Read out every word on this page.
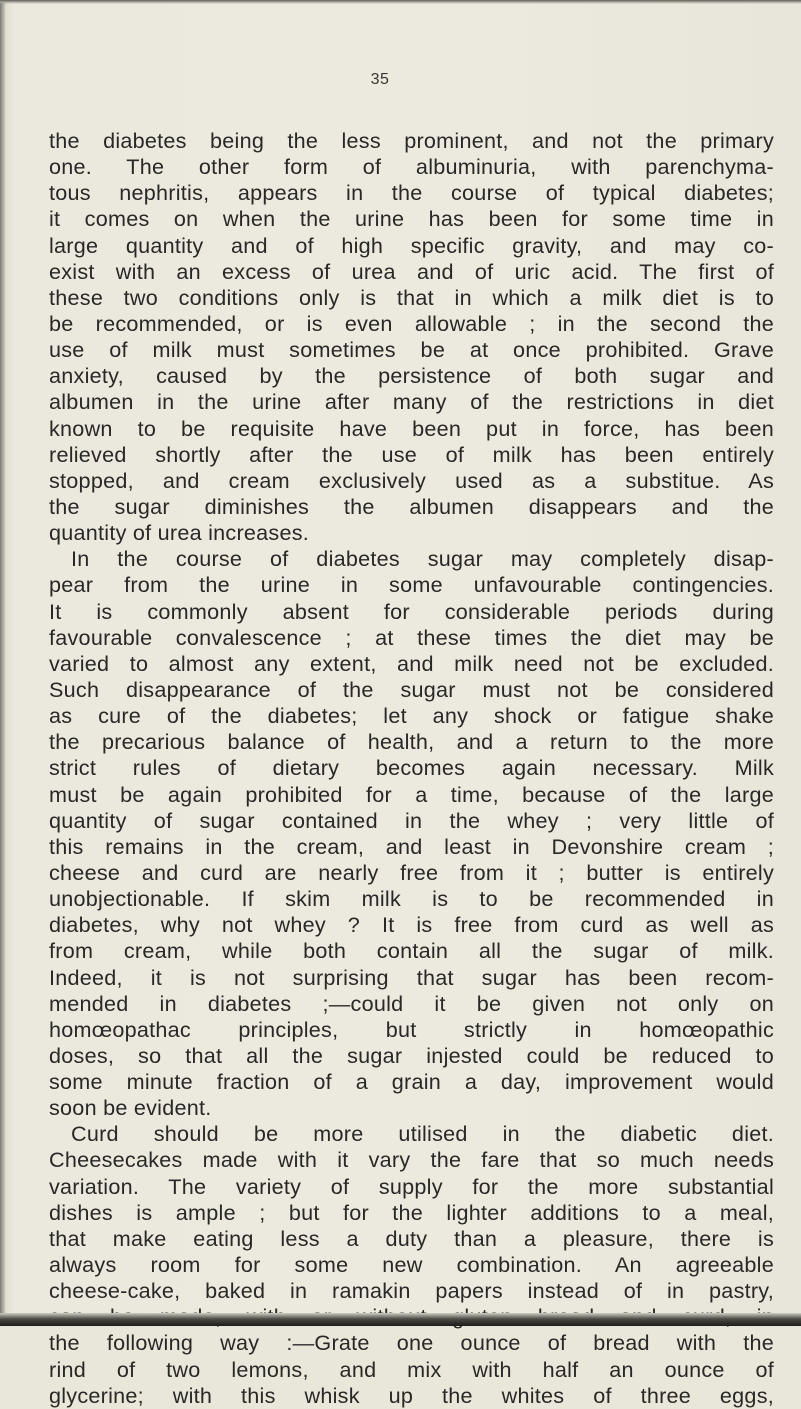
35
the diabetes being the less prominent, and not the primary
one. The other form of albuminuria, with parenchyma-
tous nephritis, appears in the course of typical diabetes;
it comes on when the urine has been for some time in
large quantity and of high specific gravity, and may co-
exist with an excess of urea and of uric acid. The first of
these two conditions only is that in which a milk diet is to
be recommended, or is even allowable ; in the second the
use of milk must sometimes be at once prohibited. Grave
anxiety, caused by the persistence of both sugar and
albumen in the urine after many of the restrictions in diet
known to be requisite have been put in force, has been
relieved shortly after the use of milk has been entirely
stopped, and cream exclusively used as a substitue. As
the sugar diminishes the albumen disappears and the
quantity of urea increases.
In the course of diabetes sugar may completely disap-
pear from the urine in some unfavourable contingencies.
It is commonly absent for considerable periods during
favourable convalescence ; at these times the diet may be
varied to almost any extent, and milk need not be excluded.
Such disappearance of the sugar must not be considered
as cure of the diabetes; let any shock or fatigue shake
the precarious balance of health, and a return to the more
strict rules of dietary becomes again necessary. Milk
must be again prohibited for a time, because of the large
quantity of sugar contained in the whey ; very little of
this remains in the cream, and least in Devonshire cream ;
cheese and curd are nearly free from it ; butter is entirely
unobjectionable. If skim milk is to be recommended in
diabetes, why not whey ? It is free from curd as well as
from cream, while both contain all the sugar of milk.
Indeed, it is not surprising that sugar has been recom-
mended in diabetes ;—could it be given not only on
homœopathac principles, but strictly in homœopathic
doses, so that all the sugar injested could be reduced to
some minute fraction of a grain a day, improvement would
soon be evident.
Curd should be more utilised in the diabetic diet.
Cheesecakes made with it vary the fare that so much needs
variation. The variety of supply for the more substantial
dishes is ample ; but for the lighter additions to a meal,
that make eating less a duty than a pleasure, there is
always room for some new combination. An agreeable
cheese-cake, baked in ramakin papers instead of in pastry,
the following way :—Grate one ounce of bread with the
rind of two lemons, and mix with half an ounce of
glycerine; with this whisk up the whites of three eggs,
